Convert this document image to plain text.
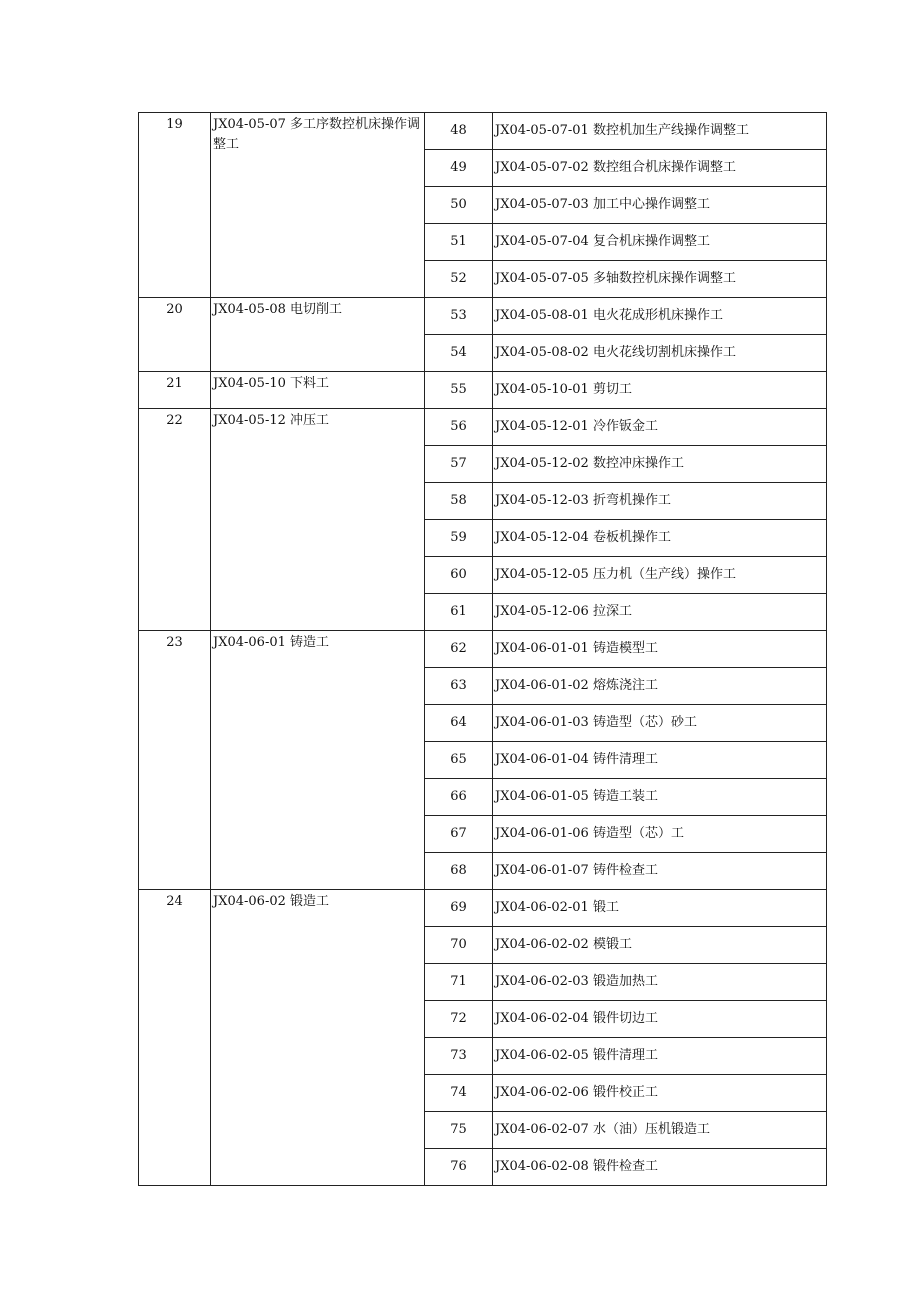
19	JX04-05-07 多工序数控机床操作调整工	48	JX04-05-07-01 数控机加生产线操作调整工
		49	JX04-05-07-02 数控组合机床操作调整工
		50	JX04-05-07-03 加工中心操作调整工
		51	JX04-05-07-04 复合机床操作调整工
		52	JX04-05-07-05 多轴数控机床操作调整工
20	JX04-05-08 电切削工	53	JX04-05-08-01 电火花成形机床操作工
		54	JX04-05-08-02 电火花线切割机床操作工
21	JX04-05-10 下料工	55	JX04-05-10-01 剪切工
22	JX04-05-12 冲压工	56	JX04-05-12-01 冷作钣金工
		57	JX04-05-12-02 数控冲床操作工
		58	JX04-05-12-03 折弯机操作工
		59	JX04-05-12-04 卷板机操作工
		60	JX04-05-12-05 压力机（生产线）操作工
		61	JX04-05-12-06 拉深工
23	JX04-06-01 铸造工	62	JX04-06-01-01 铸造模型工
		63	JX04-06-01-02 熔炼浇注工
		64	JX04-06-01-03 铸造型（芯）砂工
		65	JX04-06-01-04 铸件清理工
		66	JX04-06-01-05 铸造工装工
		67	JX04-06-01-06 铸造型（芯）工
		68	JX04-06-01-07 铸件检查工
24	JX04-06-02 锻造工	69	JX04-06-02-01 锻工
		70	JX04-06-02-02 模锻工
		71	JX04-06-02-03 锻造加热工
		72	JX04-06-02-04 锻件切边工
		73	JX04-06-02-05 锻件清理工
		74	JX04-06-02-06 锻件校正工
		75	JX04-06-02-07 水（油）压机锻造工
		76	JX04-06-02-08 锻件检查工
